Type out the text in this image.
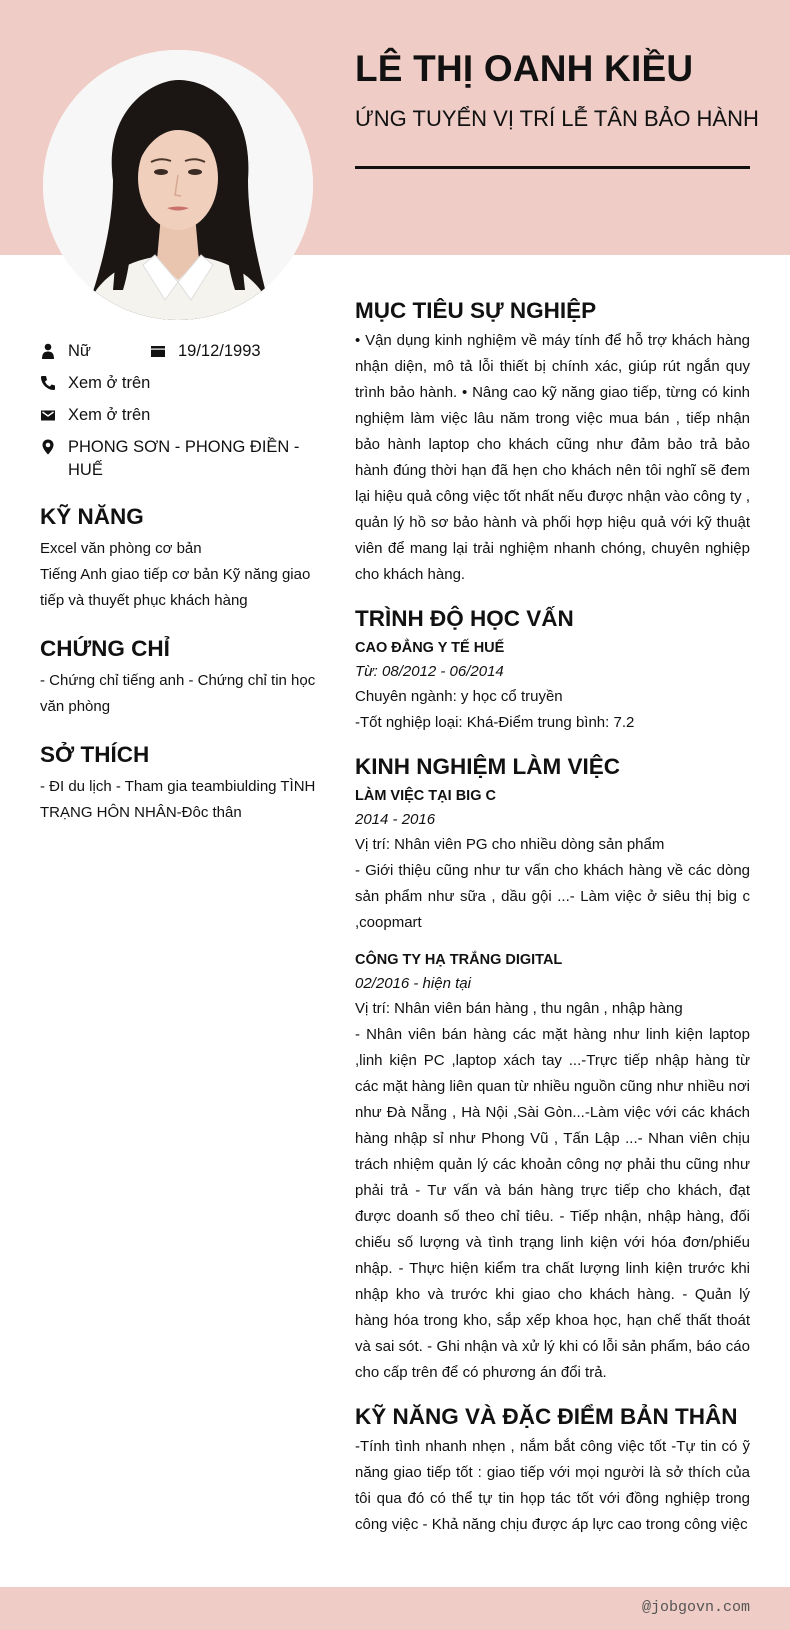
LÊ THỊ OANH KIỀU
ỨNG TUYỂN VỊ TRÍ LỄ TÂN BẢO HÀNH
Nữ	19/12/1993
Xem ở trên
Xem ở trên
PHONG SƠN - PHONG ĐIỀN - HUẾ
KỸ NĂNG
Excel văn phòng cơ bản
Tiếng Anh giao tiếp cơ bản Kỹ năng giao tiếp và thuyết phục khách hàng
CHỨNG CHỈ
- Chứng chỉ tiếng anh - Chứng chỉ tin học văn phòng
SỞ THÍCH
- ĐI du lịch - Tham gia teambiulding TÌNH TRẠNG HÔN NHÂN-Đôc thân
MỤC TIÊU SỰ NGHIỆP
• Vận dụng kinh nghiệm về máy tính để hỗ trợ khách hàng nhận diện, mô tả lỗi thiết bị chính xác, giúp rút ngắn quy trình bảo hành. • Nâng cao kỹ năng giao tiếp, từng có kinh nghiệm làm việc lâu năm trong việc mua bán , tiếp nhận bảo hành laptop cho khách cũng như đảm bảo trả bảo hành đúng thời hạn đã hẹn cho khách nên tôi nghĩ sẽ đem lại hiệu quả công việc tốt nhất nếu được nhận vào công ty , quản lý hồ sơ bảo hành và phối hợp hiệu quả với kỹ thuật viên để mang lại trải nghiệm nhanh chóng, chuyên nghiệp cho khách hàng.
TRÌNH ĐỘ HỌC VẤN
CAO ĐẲNG Y TẾ HUẾ
Từ: 08/2012 - 06/2014
Chuyên ngành: y học cổ truyền
-Tốt nghiệp loại: Khá-Điểm trung bình: 7.2
KINH NGHIỆM LÀM VIỆC
LÀM VIỆC TẠI BIG C
2014 - 2016
Vị trí: Nhân viên PG cho nhiều dòng sản phẩm
- Giới thiệu cũng như tư vấn cho khách hàng về các dòng sản phẩm như sữa , dầu gội ...- Làm việc ở siêu thị big c ,coopmart
CÔNG TY HẠ TRẮNG DIGITAL
02/2016 - hiện tại
Vị trí: Nhân viên bán hàng , thu ngân , nhập hàng
- Nhân viên bán hàng các mặt hàng như linh kiện laptop ,linh kiện PC ,laptop xách tay ...-Trực tiếp nhập hàng từ các mặt hàng liên quan từ nhiều nguồn cũng như nhiều nơi như Đà Nẵng , Hà Nội ,Sài Gòn...-Làm việc với các khách hàng nhập sỉ như Phong Vũ , Tấn Lập ...- Nhan viên chịu trách nhiệm quản lý các khoản công nợ phải thu cũng như phải trả - Tư vấn và bán hàng trực tiếp cho khách, đạt được doanh số theo chỉ tiêu. - Tiếp nhận, nhập hàng, đối chiếu số lượng và tình trạng linh kiện với hóa đơn/phiếu nhập. - Thực hiện kiểm tra chất lượng linh kiện trước khi nhập kho và trước khi giao cho khách hàng. - Quản lý hàng hóa trong kho, sắp xếp khoa học, hạn chế thất thoát và sai sót. - Ghi nhận và xử lý khi có lỗi sản phẩm, báo cáo cho cấp trên để có phương án đổi trả.
KỸ NĂNG VÀ ĐẶC ĐIỂM BẢN THÂN
-Tính tình nhanh nhẹn , nắm bắt công việc tốt -Tự tin có ỹ năng giao tiếp tốt : giao tiếp với mọi người là sở thích của tôi qua đó có thể tự tin họp tác tốt với đồng nghiệp trong công việc - Khả năng chịu được áp lực cao trong công việc
@jobgovn.com
